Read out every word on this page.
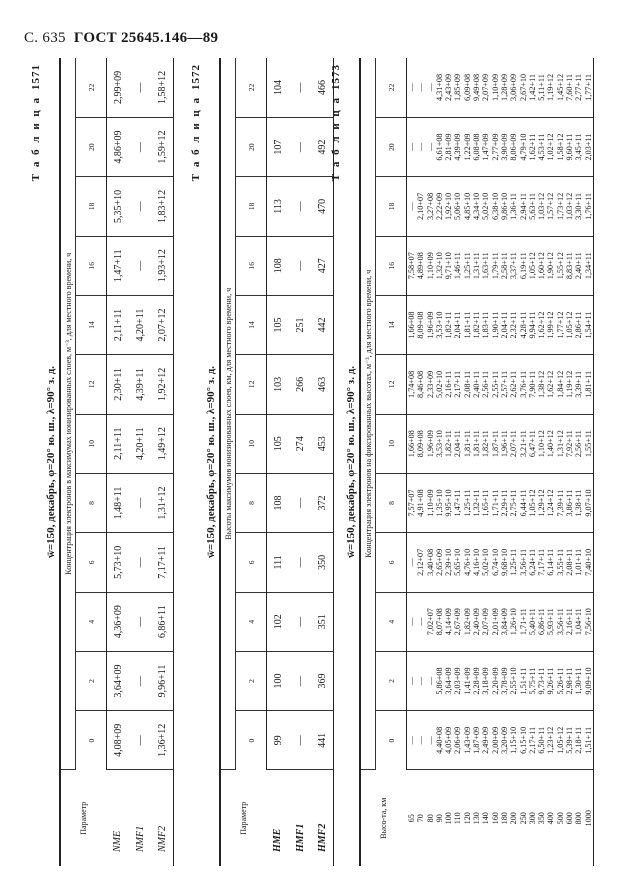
С. 635 ГОСТ 25645.146—89
Т а б л и ц а1571
w̄=150, декабрь, φ=20° ю. ш., λ=90° з. д.
Параметр	Концентрация электронов в максимумах ионизированных слоев, м⁻³, для местного времени, ч											
	0	2	4	6	8	10	12	14	16	18	20	22
NME	4,08+09	3,64+09	4,36+09	5,73+10	1,48+11	2,11+11	2,30+11	2,11+11	1,47+11	5,35+10	4,86+09	2,99+09
NMF1	—	—	—	—	—	4,20+11	4,39+11	4,20+11	—	—	—	—
NMF2	1,36+12	9,96+11	6,86+11	7,17+11	1,31+12	1,49+12	1,92+12	2,07+12	1,93+12	1,83+12	1,59+12	1,58+12
Т а б л и ц а1572
w̄=150, декабрь, φ=20° ю. ш., λ=90° з. д.
Параметр	Высоты максимумов ионизированных слоев, км, для местного времени, ч											
	0	2	4	6	8	10	12	14	16	18	20	22
HME	99	100	102	111	108	105	103	105	108	113	107	104
HMF1	—	—	—	—	—	274	266	251	—	—	—	—
HMF2	441	369	351	350	372	453	463	442	427	470	492	466
Т а б л и ц а1573
w̄=150, декабрь, φ=20° ю. ш., λ=90° з. д.
Высо-та, км	Концентрация электронов на фиксированных высотах, м⁻³, для местного времени, ч											
	0	2	4	6	8	10	12	14	16	18	20	22
65	—	—	—	—	7,57+07	1,66+08	1,74+08	1,66+08	7,58+07	—	—	—
70	—	—	—	2,12+07	4,91+08	8,09+08	8,46+08	8,09+08	4,89+08	2,10+07	—	—
80	—	—	7,02+07	3,40+08	1,10+09	1,96+09	2,33+09	1,96+09	1,10+09	3,27+08	—	—
90	4,40+08	5,86+08	8,07+08	2,65+09	1,35+10	3,53+10	5,02+10	3,53+10	1,32+10	2,22+09	6,61+08	4,31+08
100	4,05+09	3,64+09	4,14+09	2,39+10	9,95+10	1,82+11	2,16+11	1,82+11	9,71+10	1,92+10	2,81+09	2,43+09
110	2,06+09	2,03+09	2,67+09	5,65+10	1,47+11	2,04+11	2,17+11	2,04+11	1,46+11	5,06+10	4,39+09	1,85+09
120	1,43+09	1,41+09	1,82+09	4,76+10	1,25+11	1,81+11	2,08+11	1,81+11	1,25+11	4,85+10	1,22+09	6,09+08
130	1,87+09	2,28+09	2,40+09	4,16+10	1,32+11	1,81+11	2,40+11	1,82+11	1,31+11	4,34+10	6,08+08	9,49+08
140	2,49+09	3,18+09	2,07+09	5,02+10	1,65+11	1,82+11	2,56+11	1,83+11	1,63+11	5,02+10	1,47+09	2,07+09
160	2,00+09	2,20+09	2,01+09	6,74+10	1,71+11	1,87+11	2,55+11	1,90+11	1,79+11	6,38+10	2,77+09	1,10+09
180	3,20+09	3,78+09	3,84+09	9,68+10	2,29+11	1,96+11	2,57+11	2,04+11	2,58+11	9,86+10	3,90+09	1,28+09
200	1,15+10	2,55+10	1,26+10	1,25+11	2,75+11	2,07+11	2,62+11	2,32+11	3,37+11	1,36+11	8,06+09	3,06+09
250	6,15+10	1,51+11	1,71+11	3,56+11	6,44+11	3,21+11	3,76+11	4,28+11	6,19+11	2,94+11	4,79+10	2,67+10
300	2,17+11	5,75+11	5,40+11	6,24+11	1,05+12	6,47+11	7,90+11	9,94+11	1,05+12	5,63+11	1,62+11	1,42+11
350	6,50+11	9,73+11	6,86+11	7,17+11	1,29+12	1,10+12	1,38+12	1,62+12	1,60+12	1,03+12	4,53+11	5,11+11
400	1,23+12	9,26+11	5,93+11	6,14+11	1,24+12	1,40+12	1,62+12	1,99+12	1,90+12	1,57+12	1,02+12	1,19+12
500	1,05+12	5,26+11	3,56+11	3,55+11	7,39+11	1,31+12	1,84+12	1,77+12	1,55+12	1,73+12	1,58+12	1,45+12
600	5,39+11	2,98+11	2,16+11	2,08+11	3,86+11	7,92+11	1,19+12	1,05+12	8,83+11	1,03+12	9,60+11	7,60+11
800	2,18+11	1,30+11	1,04+11	1,01+11	1,38+11	2,56+11	3,39+11	2,86+11	2,40+11	3,30+11	3,45+11	2,77+11
1000	1,51+11	9,09+10	7,56+10	7,40+10	9,07+10	1,55+11	1,81+11	1,54+11	1,34+11	1,76+11	2,03+11	1,77+11
